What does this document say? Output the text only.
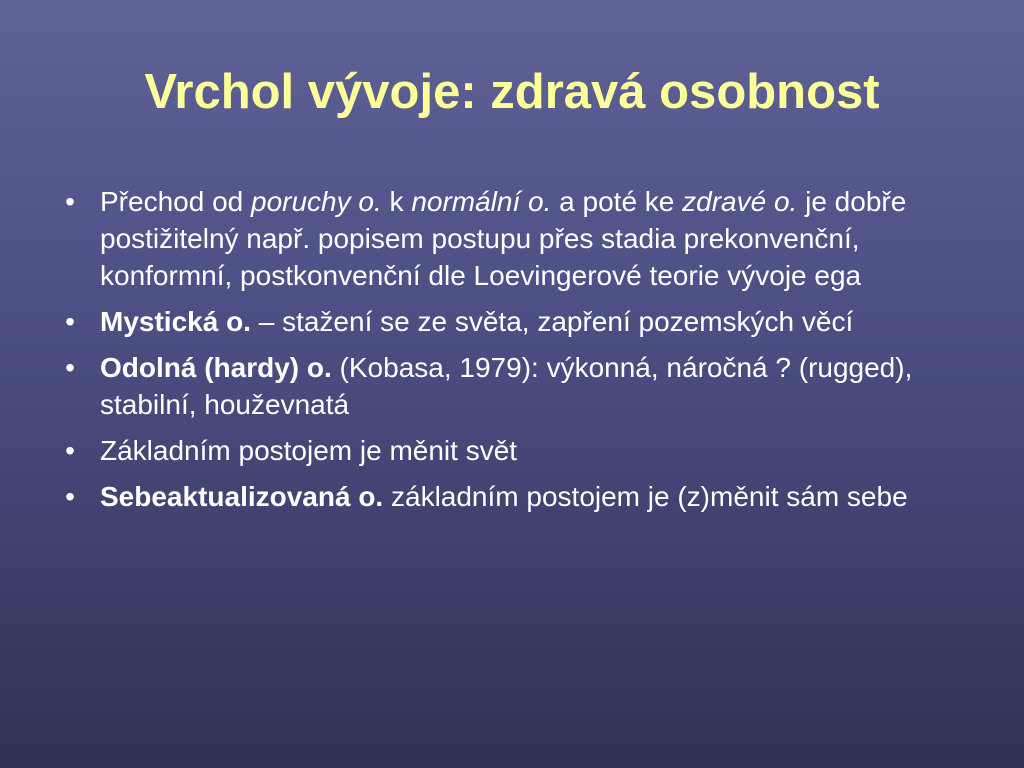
Vrchol vývoje: zdravá osobnost
• Přechod od poruchy o. k normální o. a poté ke zdravé o. je dobře postižitelný např. popisem postupu přes stadia prekonvenční, konformní, postkonvenční dle Loevingerové teorie vývoje ega
• Mystická o. – stažení se ze světa, zapření pozemských věcí
• Odolná (hardy) o. (Kobasa, 1979): výkonná, náročná ? (rugged), stabilní, houževnatá
• Základním postojem je měnit svět
• Sebeaktualizovaná o. základním postojem je (z)měnit sám sebe
